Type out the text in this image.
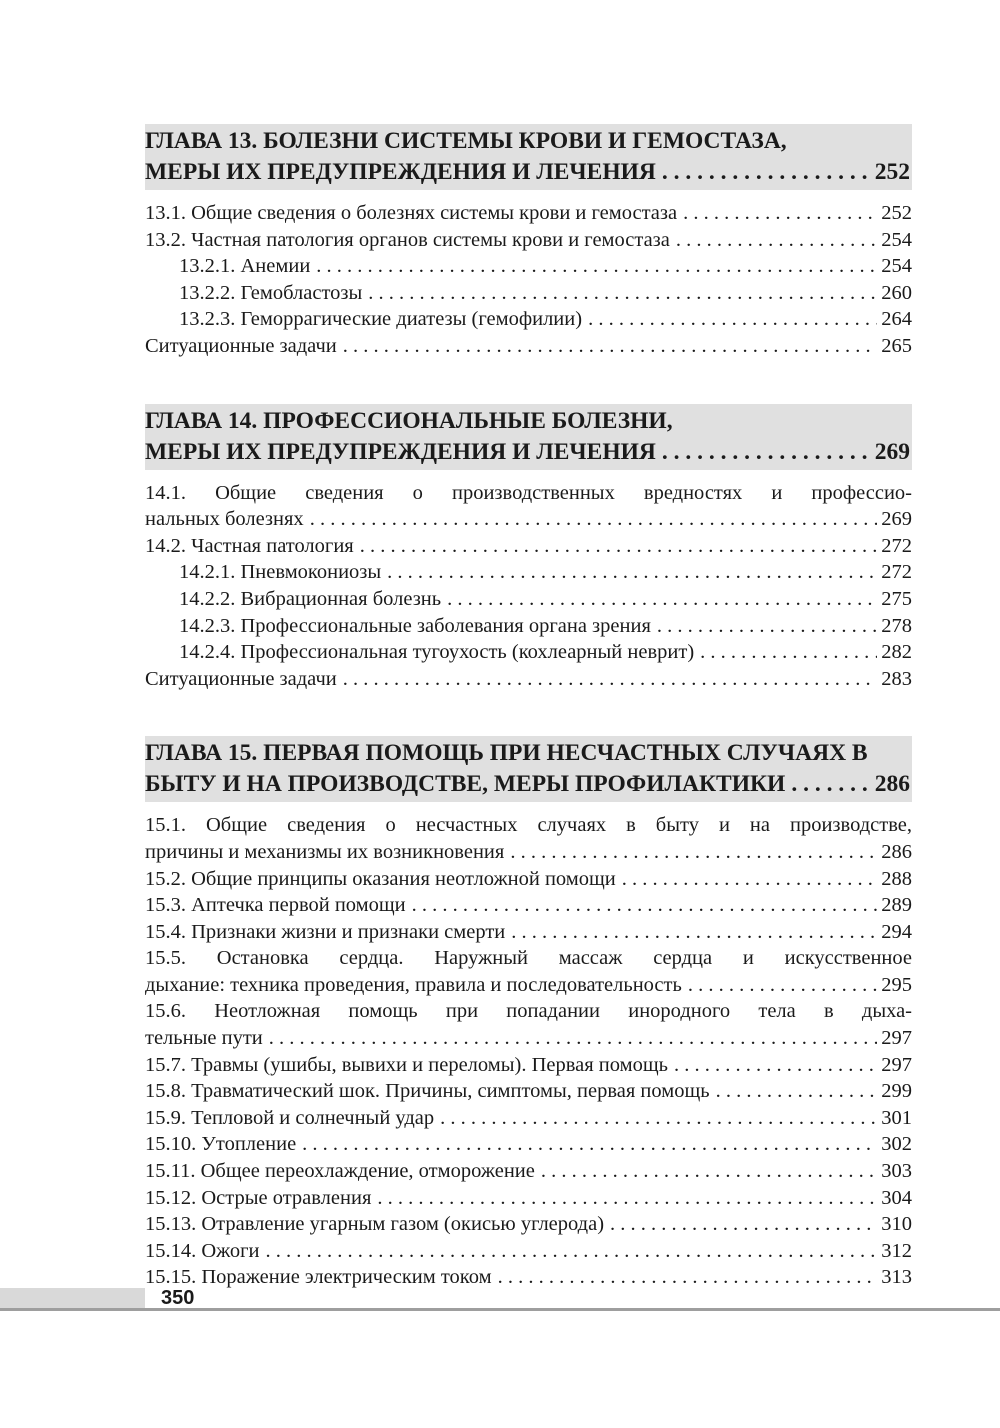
ГЛАВА 13. БОЛЕЗНИ СИСТЕМЫ КРОВИ И ГЕМОСТАЗА,
МЕРЫ ИХ ПРЕДУПРЕЖДЕНИЯ И ЛЕЧЕНИЯ . . .	252
13.1. Общие сведения о болезнях системы крови и гемостаза . . .	252
13.2. Частная патология органов системы крови и гемостаза . . .	254
13.2.1. Анемии . . .	254
13.2.2. Гемобластозы . . .	260
13.2.3. Геморрагические диатезы (гемофилии) . . .	264
Ситуационные задачи . . .	265
ГЛАВА 14. ПРОФЕССИОНАЛЬНЫЕ БОЛЕЗНИ,
МЕРЫ ИХ ПРЕДУПРЕЖДЕНИЯ И ЛЕЧЕНИЯ . . .	269
14.1. Общие сведения о производственных вредностях и профессио-
нальных болезнях . . .	269
14.2. Частная патология . . .	272
14.2.1. Пневмокониозы . . .	272
14.2.2. Вибрационная болезнь . . .	275
14.2.3. Профессиональные заболевания органа зрения . . .	278
14.2.4. Профессиональная тугоухость (кохлеарный неврит) . . .	282
Ситуационные задачи . . .	283
ГЛАВА 15. ПЕРВАЯ ПОМОЩЬ ПРИ НЕСЧАСТНЫХ СЛУЧАЯХ В
БЫТУ И НА ПРОИЗВОДСТВЕ, МЕРЫ ПРОФИЛАКТИКИ . . .	286
15.1. Общие сведения о несчастных случаях в быту и на производстве,
причины и механизмы их возникновения . . .	286
15.2. Общие принципы оказания неотложной помощи . . .	288
15.3. Аптечка первой помощи . . .	289
15.4. Признаки жизни и признаки смерти . . .	294
15.5. Остановка сердца. Наружный массаж сердца и искусственное
дыхание: техника проведения, правила и последовательность . . .	295
15.6. Неотложная помощь при попадании инородного тела в дыха-
тельные пути . . .	297
15.7. Травмы (ушибы, вывихи и переломы). Первая помощь . . .	297
15.8. Травматический шок. Причины, симптомы, первая помощь . . .	299
15.9. Тепловой и солнечный удар . . .	301
15.10. Утопление . . .	302
15.11. Общее переохлаждение, отморожение . . .	303
15.12. Острые отравления . . .	304
15.13. Отравление угарным газом (окисью углерода) . . .	310
15.14. Ожоги . . .	312
15.15. Поражение электрическим током . . .	313
350
